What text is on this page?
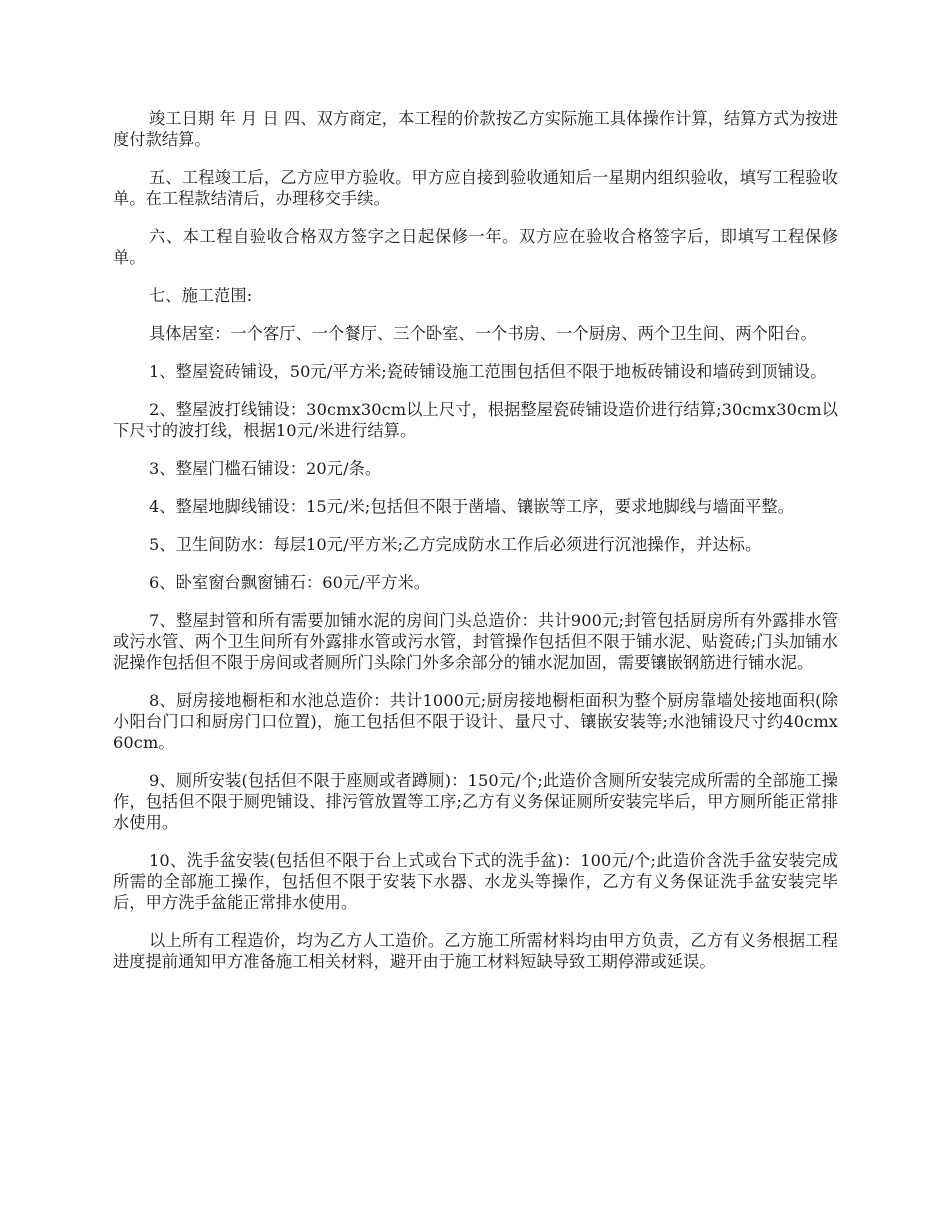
竣工日期 年 月 日 四、双方商定，本工程的价款按乙方实际施工具体操作计算，结算方式为按进度付款结算。

五、工程竣工后，乙方应甲方验收。甲方应自接到验收通知后一星期内组织验收，填写工程验收单。在工程款结清后，办理移交手续。

六、本工程自验收合格双方签字之日起保修一年。双方应在验收合格签字后，即填写工程保修单。

七、施工范围:

具体居室：一个客厅、一个餐厅、三个卧室、一个书房、一个厨房、两个卫生间、两个阳台。

1、整屋瓷砖铺设，50元/平方米;瓷砖铺设施工范围包括但不限于地板砖铺设和墙砖到顶铺设。

2、整屋波打线铺设：30cmx30cm以上尺寸，根据整屋瓷砖铺设造价进行结算;30cmx30cm以下尺寸的波打线，根据10元/米进行结算。

3、整屋门槛石铺设：20元/条。

4、整屋地脚线铺设：15元/米;包括但不限于凿墙、镶嵌等工序，要求地脚线与墙面平整。

5、卫生间防水：每层10元/平方米;乙方完成防水工作后必须进行沉池操作，并达标。

6、卧室窗台飘窗铺石：60元/平方米。

7、整屋封管和所有需要加铺水泥的房间门头总造价：共计900元;封管包括厨房所有外露排水管或污水管、两个卫生间所有外露排水管或污水管，封管操作包括但不限于铺水泥、贴瓷砖;门头加铺水泥操作包括但不限于房间或者厕所门头除门外多余部分的铺水泥加固，需要镶嵌钢筋进行铺水泥。

8、厨房接地橱柜和水池总造价：共计1000元;厨房接地橱柜面积为整个厨房靠墙处接地面积(除小阳台门口和厨房门口位置)，施工包括但不限于设计、量尺寸、镶嵌安装等;水池铺设尺寸约40cmx60cm。

9、厕所安装(包括但不限于座厕或者蹲厕)：150元/个;此造价含厕所安装完成所需的全部施工操作，包括但不限于厕兜铺设、排污管放置等工序;乙方有义务保证厕所安装完毕后，甲方厕所能正常排水使用。

10、洗手盆安装(包括但不限于台上式或台下式的洗手盆)：100元/个;此造价含洗手盆安装完成所需的全部施工操作，包括但不限于安装下水器、水龙头等操作，乙方有义务保证洗手盆安装完毕后，甲方洗手盆能正常排水使用。

以上所有工程造价，均为乙方人工造价。乙方施工所需材料均由甲方负责，乙方有义务根据工程进度提前通知甲方准备施工相关材料，避开由于施工材料短缺导致工期停滞或延误。
